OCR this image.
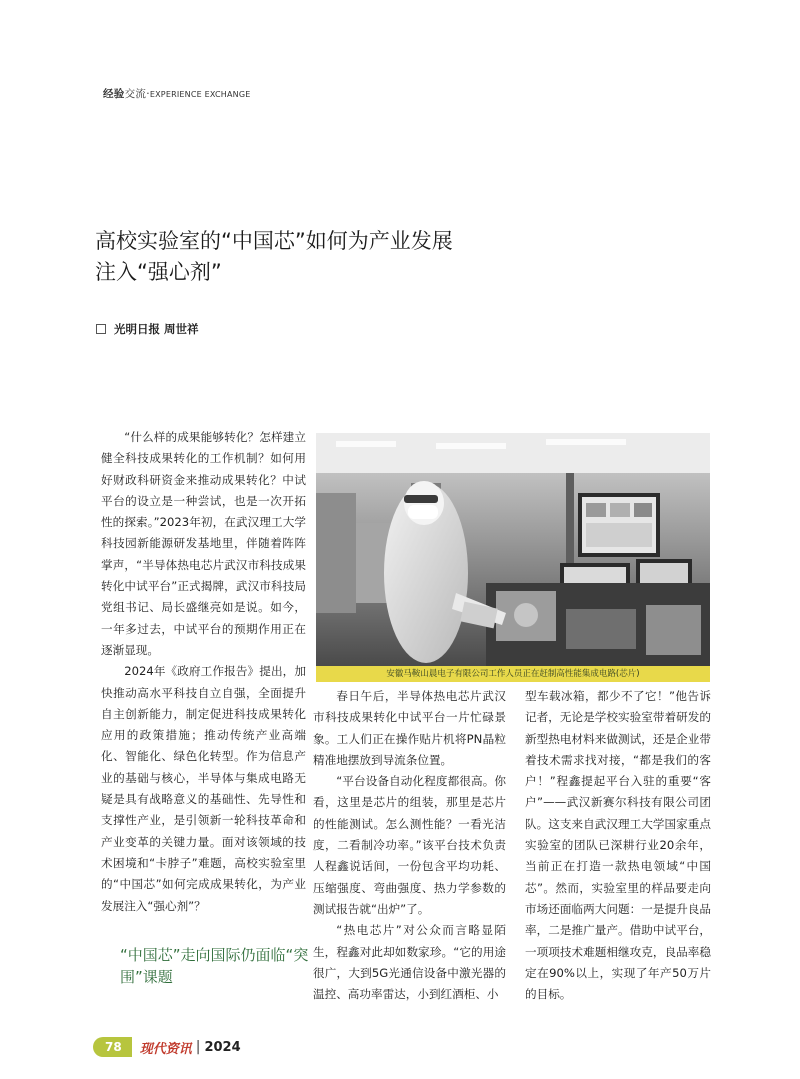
经验交流·EXPERIENCE EXCHANGE
高校实验室的“中国芯”如何为产业发展
注入“强心剂”
光明日报 周世祥

“什么样的成果能够转化？怎样建立健全科技成果转化的工作机制？如何用好财政科研资金来推动成果转化？中试平台的设立是一种尝试，也是一次开拓性的探索。”2023年初，在武汉理工大学科技园新能源研发基地里，伴随着阵阵掌声，“半导体热电芯片武汉市科技成果转化中试平台”正式揭牌，武汉市科技局党组书记、局长盛继亮如是说。如今，一年多过去，中试平台的预期作用正在逐渐显现。

2024年《政府工作报告》提出，加快推动高水平科技自立自强，全面提升自主创新能力，制定促进科技成果转化应用的政策措施；推动传统产业高端化、智能化、绿色化转型。作为信息产业的基础与核心，半导体与集成电路无疑是具有战略意义的基础性、先导性和支撑性产业，是引领新一轮科技革命和产业变革的关键力量。面对该领域的技术困境和“卡脖子”难题，高校实验室里的“中国芯”如何完成成果转化，为产业发展注入“强心剂”？

“中国芯”走向国际仍面临“突围”课题
安徽马鞍山晨电子有限公司工作人员正在赶制高性能集成电路(芯片)

春日午后，半导体热电芯片武汉市科技成果转化中试平台一片忙碌景象。工人们正在操作贴片机将PN晶粒精准地摆放到导流条位置。

“平台设备自动化程度都很高。你看，这里是芯片的组装，那里是芯片的性能测试。怎么测性能？一看光洁度，二看制冷功率。”该平台技术负责人程鑫说话间，一份包含平均功耗、压缩强度、弯曲强度、热力学参数的测试报告就“出炉”了。

“热电芯片”对公众而言略显陌生，程鑫对此却如数家珍。“它的用途很广，大到5G光通信设备中激光器的温控、高功率雷达，小到红酒柜、小

型车载冰箱，都少不了它！”他告诉记者，无论是学校实验室带着研发的新型热电材料来做测试，还是企业带着技术需求找对接，“都是我们的客户！”程鑫提起平台入驻的重要“客户”——武汉新赛尔科技有限公司团队。这支来自武汉理工大学国家重点实验室的团队已深耕行业20余年，当前正在打造一款热电领域“中国芯”。然而，实验室里的样品要走向市场还面临两大问题：一是提升良品率，二是推广量产。借助中试平台，一项项技术难题相继攻克，良品率稳定在90%以上，实现了年产50万片的目标。

78	现代资讯 | 2024
